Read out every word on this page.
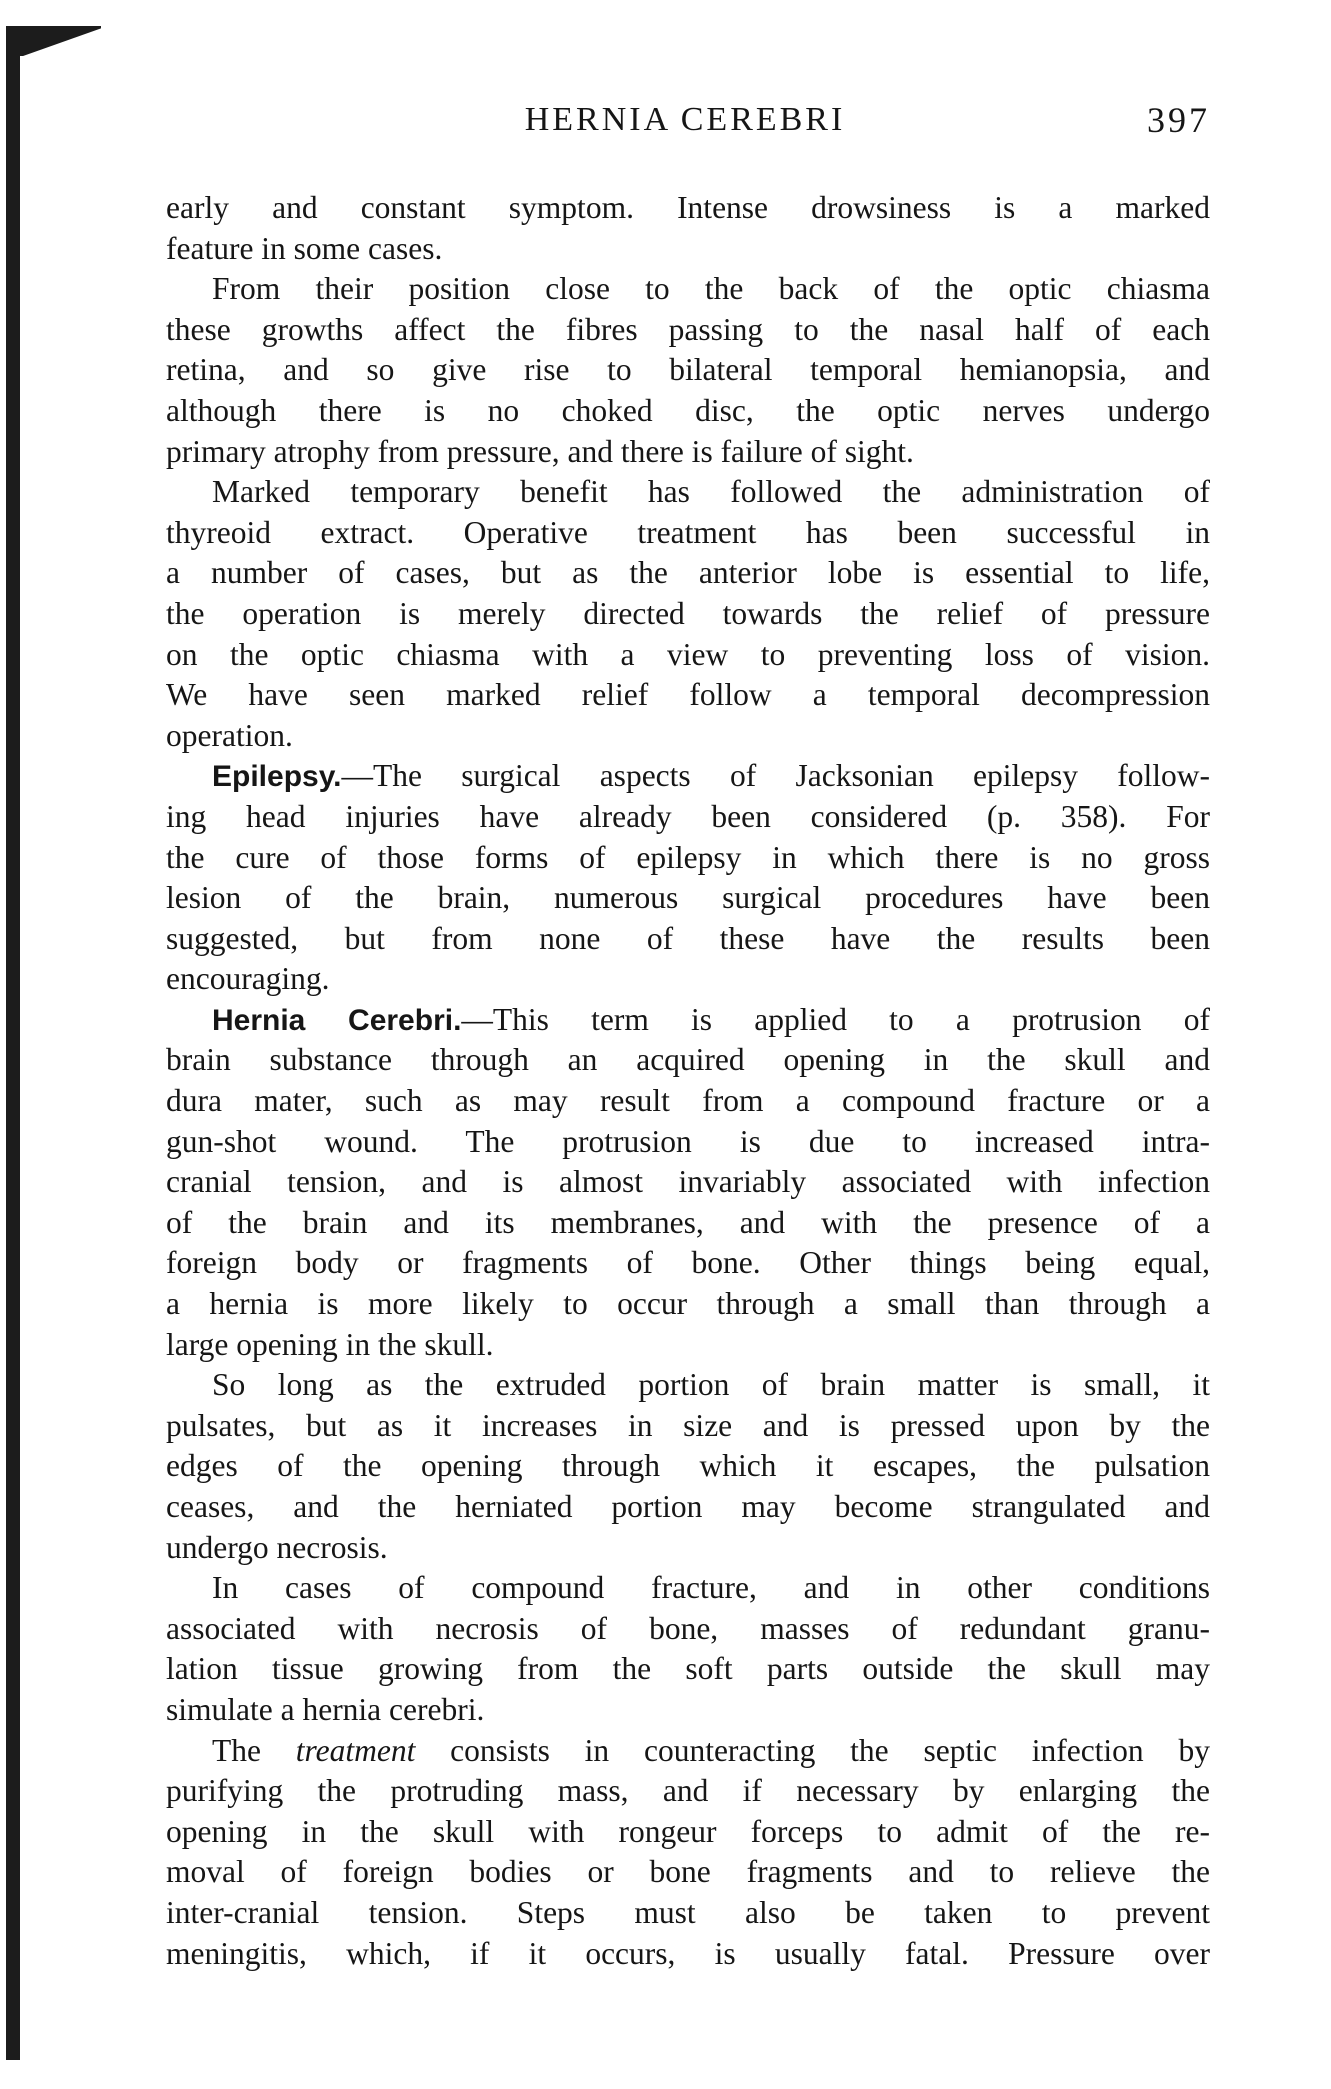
HERNIA CEREBRI	397
early and constant symptom. Intense drowsiness is a marked
feature in some cases.
From their position close to the back of the optic chiasma
these growths affect the fibres passing to the nasal half of each
retina, and so give rise to bilateral temporal hemianopsia, and
although there is no choked disc, the optic nerves undergo
primary atrophy from pressure, and there is failure of sight.
Marked temporary benefit has followed the administration of
thyreoid extract. Operative treatment has been successful in
a number of cases, but as the anterior lobe is essential to life,
the operation is merely directed towards the relief of pressure
on the optic chiasma with a view to preventing loss of vision.
We have seen marked relief follow a temporal decompression
operation.
Epilepsy.—The surgical aspects of Jacksonian epilepsy follow-
ing head injuries have already been considered (p. 358). For
the cure of those forms of epilepsy in which there is no gross
lesion of the brain, numerous surgical procedures have been
suggested, but from none of these have the results been
encouraging.
Hernia Cerebri.—This term is applied to a protrusion of
brain substance through an acquired opening in the skull and
dura mater, such as may result from a compound fracture or a
gun-shot wound. The protrusion is due to increased intra-
cranial tension, and is almost invariably associated with infection
of the brain and its membranes, and with the presence of a
foreign body or fragments of bone. Other things being equal,
a hernia is more likely to occur through a small than through a
large opening in the skull.
So long as the extruded portion of brain matter is small, it
pulsates, but as it increases in size and is pressed upon by the
edges of the opening through which it escapes, the pulsation
ceases, and the herniated portion may become strangulated and
undergo necrosis.
In cases of compound fracture, and in other conditions
associated with necrosis of bone, masses of redundant granu-
lation tissue growing from the soft parts outside the skull may
simulate a hernia cerebri.
The treatment consists in counteracting the septic infection by
purifying the protruding mass, and if necessary by enlarging the
opening in the skull with rongeur forceps to admit of the re-
moval of foreign bodies or bone fragments and to relieve the
inter-cranial tension. Steps must also be taken to prevent
meningitis, which, if it occurs, is usually fatal. Pressure over
